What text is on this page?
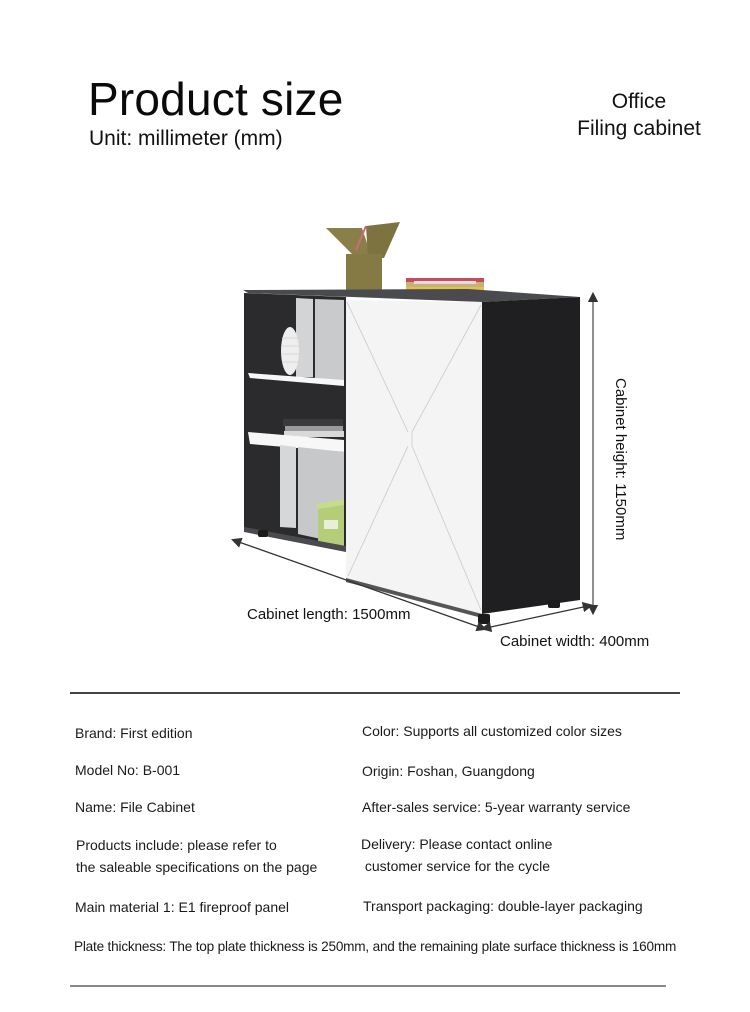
Product size
Unit: millimeter (mm)
Office
Filing cabinet
Cabinet length: 1500mm
Cabinet width: 400mm
Cabinet height: 1150mm
Brand: First edition
Model No: B-001
Name: File Cabinet
Products include: please refer to
the saleable specifications on the page
Main material 1: E1 fireproof panel
Color: Supports all customized color sizes
Origin: Foshan, Guangdong
After-sales service: 5-year warranty service
Delivery: Please contact online
customer service for the cycle
Transport packaging: double-layer packaging
Plate thickness: The top plate thickness is 250mm, and the remaining plate surface thickness is 160mm
